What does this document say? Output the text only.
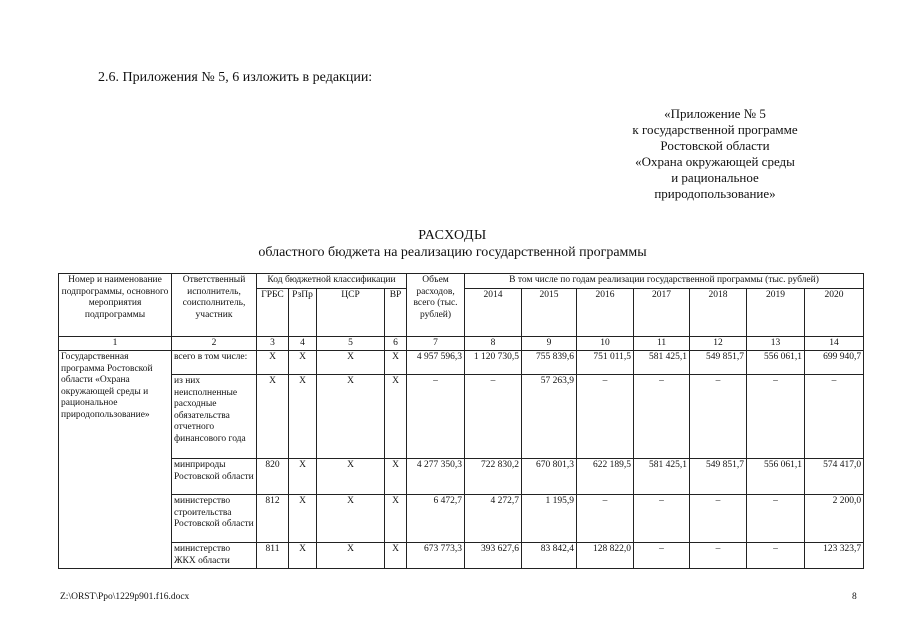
2.6. Приложения № 5, 6 изложить в редакции:
«Приложение № 5
к государственной программе
Ростовской области
«Охрана окружающей среды
и рациональное
природопользование»
РАСХОДЫ
областного бюджета на реализацию государственной программы
Номер и наименование подпрограммы, основного мероприятия подпрограммы	Ответственный исполнитель, соисполнитель, участник	Код бюджетной классификации				Объем расходов, всего (тыс. рублей)	В том числе по годам реализации государственной программы (тыс. рублей)						
		ГРБС	РзПр	ЦСР	ВР		2014	2015	2016	2017	2018	2019	2020
1	2	3	4	5	6	7	8	9	10	11	12	13	14
Государственная программа Ростовской области «Охрана окружающей среды и рациональное природопользование»	всего в том числе:	Х	Х	Х	Х	4 957 596,3	1 120 730,5	755 839,6	751 011,5	581 425,1	549 851,7	556 061,1	699 940,7
	из них неисполненные расходные обязательства отчетного финансового года	Х	Х	Х	Х	–	–	57 263,9	–	–	–	–	–
	минприроды Ростовской области	820	Х	Х	Х	4 277 350,3	722 830,2	670 801,3	622 189,5	581 425,1	549 851,7	556 061,1	574 417,0
	министерство строительства Ростовской области	812	Х	Х	Х	6 472,7	4 272,7	1 195,9	–	–	–	–	2 200,0
	министерство ЖКХ области	811	Х	Х	Х	673 773,3	393 627,6	83 842,4	128 822,0	–	–	–	123 323,7
Z:\ORST\Ppo\1229p901.f16.docx	8
